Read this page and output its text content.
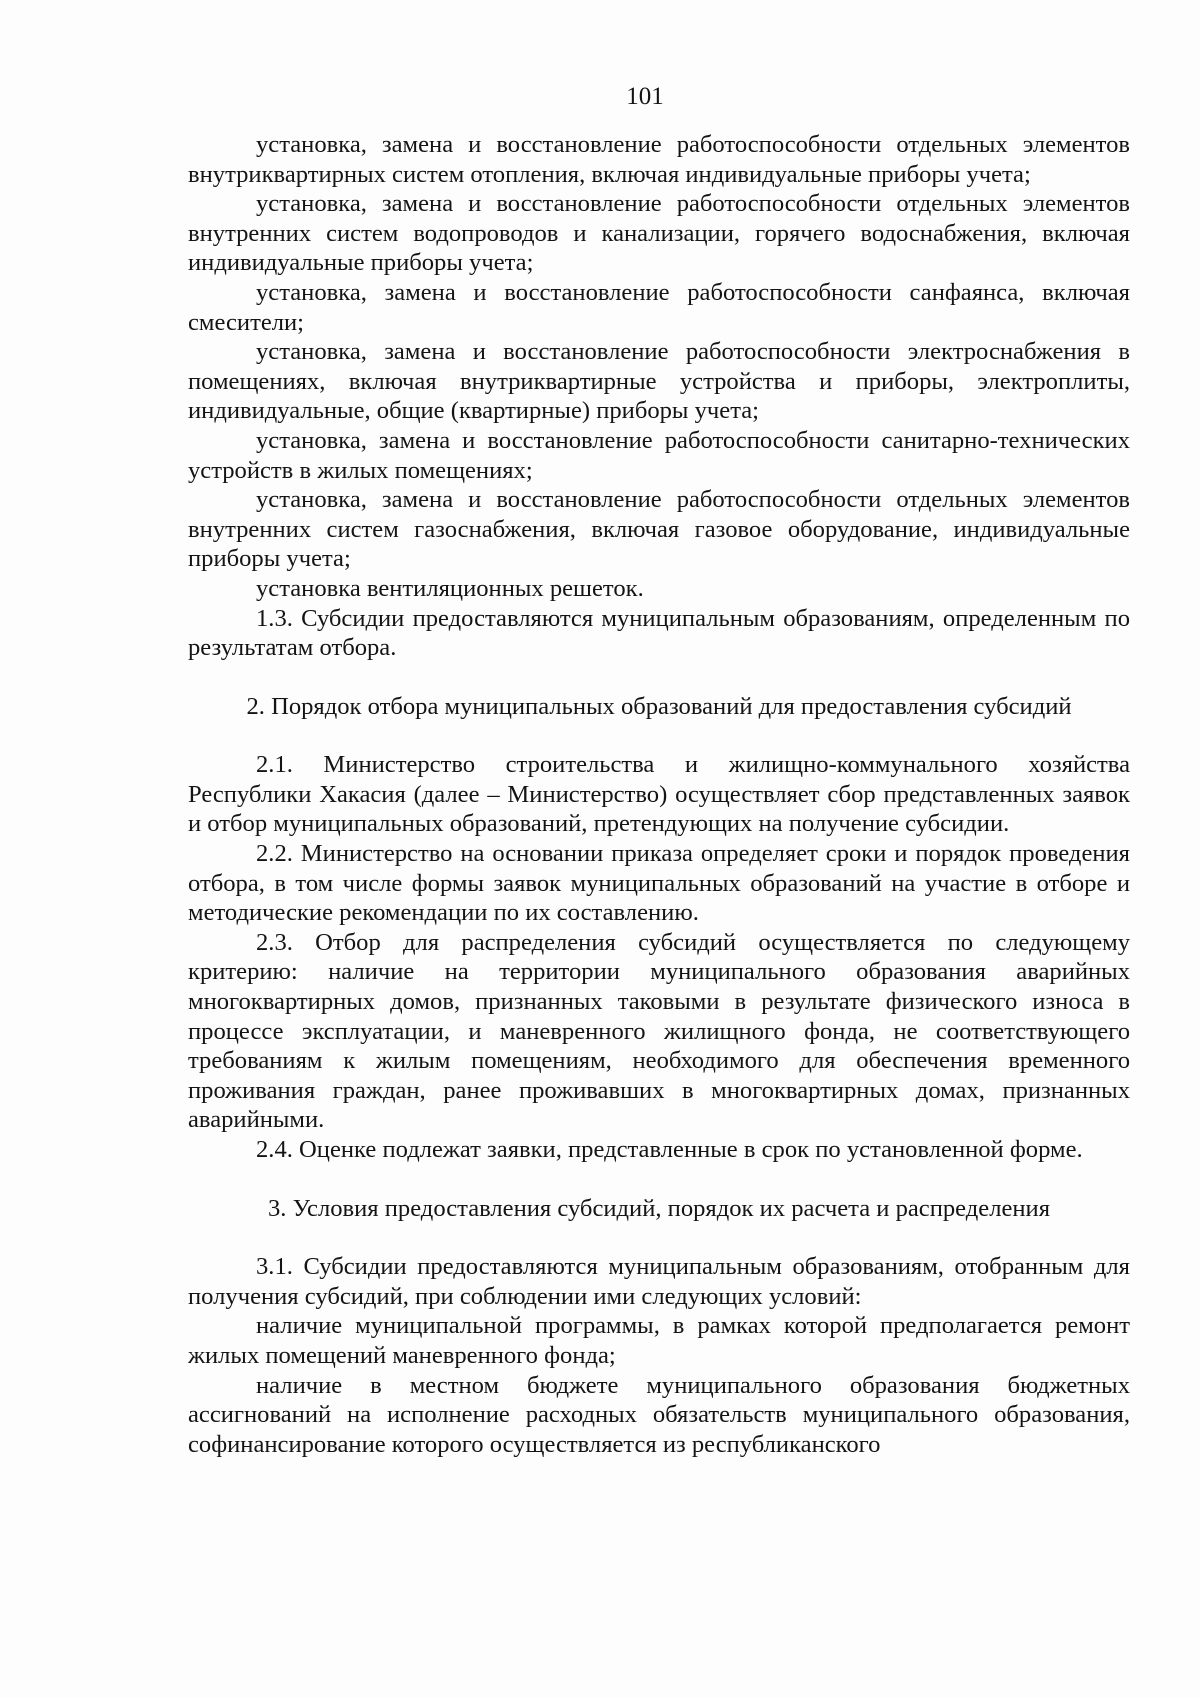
101

установка, замена и восстановление работоспособности отдельных элементов внутриквартирных систем отопления, включая индивидуальные приборы учета;

установка, замена и восстановление работоспособности отдельных элементов внутренних систем водопроводов и канализации, горячего водоснабжения, включая индивидуальные приборы учета;

установка, замена и восстановление работоспособности санфаянса, включая смесители;

установка, замена и восстановление работоспособности электроснабжения в помещениях, включая внутриквартирные устройства и приборы, электроплиты, индивидуальные, общие (квартирные) приборы учета;

установка, замена и восстановление работоспособности санитарно-технических устройств в жилых помещениях;

установка, замена и восстановление работоспособности отдельных элементов внутренних систем газоснабжения, включая газовое оборудование, индивидуальные приборы учета;

установка вентиляционных решеток.

1.3. Субсидии предоставляются муниципальным образованиям, определенным по результатам отбора.

2. Порядок отбора муниципальных образований для предоставления субсидий

2.1. Министерство строительства и жилищно-коммунального хозяйства Республики Хакасия (далее – Министерство) осуществляет сбор представленных заявок и отбор муниципальных образований, претендующих на получение субсидии.

2.2. Министерство на основании приказа определяет сроки и порядок проведения отбора, в том числе формы заявок муниципальных образований на участие в отборе и методические рекомендации по их составлению.

2.3. Отбор для распределения субсидий осуществляется по следующему критерию: наличие на территории муниципального образования аварийных многоквартирных домов, признанных таковыми в результате физического износа в процессе эксплуатации, и маневренного жилищного фонда, не соответствующего требованиям к жилым помещениям, необходимого для обеспечения временного проживания граждан, ранее проживавших в многоквартирных домах, признанных аварийными.

2.4. Оценке подлежат заявки, представленные в срок по установленной форме.

3. Условия предоставления субсидий, порядок их расчета и распределения

3.1. Субсидии предоставляются муниципальным образованиям, отобранным для получения субсидий, при соблюдении ими следующих условий:

наличие муниципальной программы, в рамках которой предполагается ремонт жилых помещений маневренного фонда;

наличие в местном бюджете муниципального образования бюджетных ассигнований на исполнение расходных обязательств муниципального образования, софинансирование которого осуществляется из республиканского
